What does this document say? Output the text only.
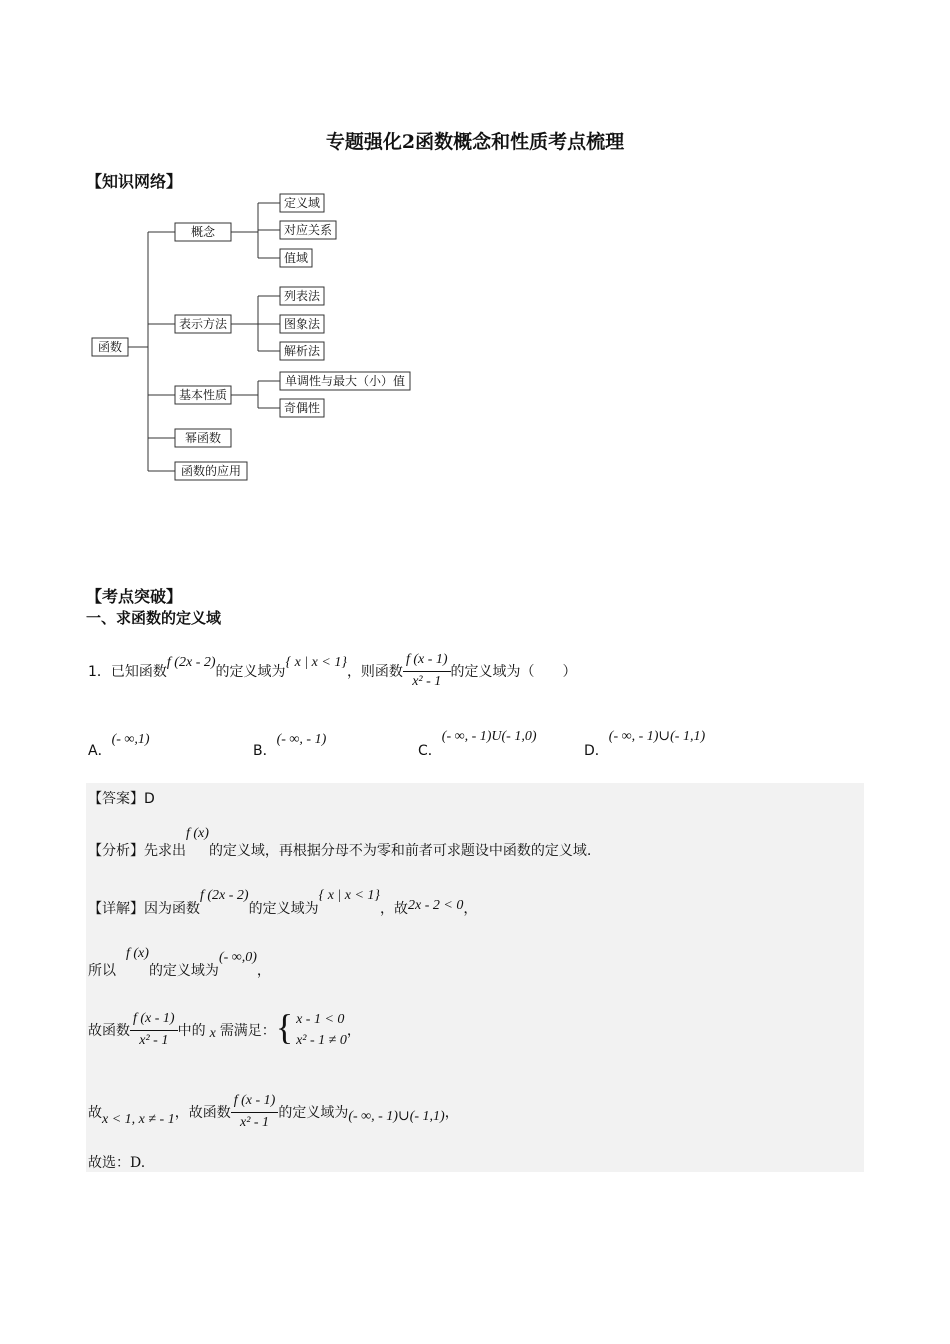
专题强化2函数概念和性质考点梳理
【知识网络】
函数
概念
定义域
对应关系
值域
表示方法
列表法
图象法
解析法
基本性质
单调性与最大（小）值
奇偶性
幂函数
函数的应用
【考点突破】
一、求函数的定义域
1． 已知函数
f (2x - 2)
的定义域为
{ x | x < 1}
，则函数 $\frac{f (x - 1)}{\text{x² - 1}}$ 的定义域为（　　）
A．(- ∞,1)
B．(- ∞, - 1)
C．(- ∞, - 1)U(- 1,0)
D．(- ∞, - 1)∪(- 1,1)
【答案】D
【分析】 先求出
f (x)
的定义域，再根据分母不为零和前者可求题设中函数的定义域.
【详解】 因为函数
f (2x - 2)
的定义域为
{ x | x < 1}
，故 2x - 2 < 0 ，
所以
f (x)
的定义域为
(- ∞,0)
，
故函数 $\frac{f (x - 1)}{\text{x² - 1}}$ 中的 x 需满足： { x - 1 < 0
x² - 1 ≠ 0
，
故 x < 1, x ≠ - 1 ，故函数 $\frac{f (x - 1)}{\text{x² - 1}}$ 的定义域为 (- ∞, - 1)∪(- 1,1) ，
故选：D.
